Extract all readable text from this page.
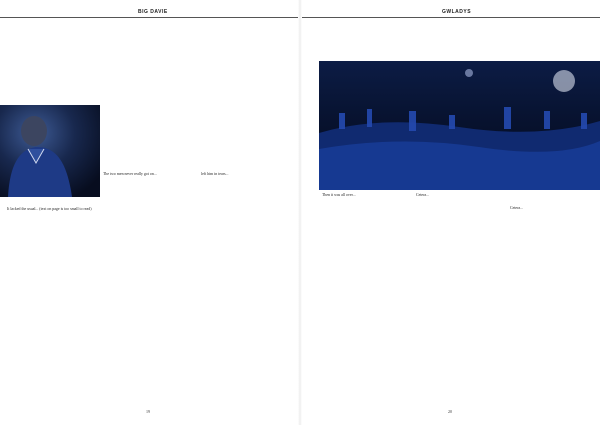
BIG DAVIE	GWLADYS

It lacked the usual... (text on page is too small to read)

The two men never really got on...	left him in tears...

Then it was all over...	Cetera...

Cetera...

19	20
